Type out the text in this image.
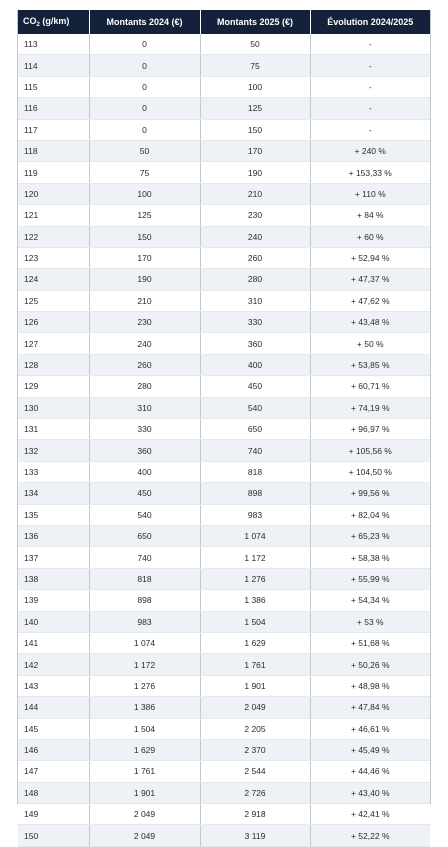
$CO_2$ (g/km)	Montants 2024 (€)	Montants 2025 (€)	Évolution 2024/2025
113	0	50	-
114	0	75	-
115	0	100	-
116	0	125	-
117	0	150	-
118	50	170	+ 240 %
119	75	190	+ 153,33 %
120	100	210	+ 110 %
121	125	230	+ 84 %
122	150	240	+ 60 %
123	170	260	+ 52,94 %
124	190	280	+ 47,37 %
125	210	310	+ 47,62 %
126	230	330	+ 43,48 %
127	240	360	+ 50 %
128	260	400	+ 53,85 %
129	280	450	+ 60,71 %
130	310	540	+ 74,19 %
131	330	650	+ 96,97 %
132	360	740	+ 105,56 %
133	400	818	+ 104,50 %
134	450	898	+ 99,56 %
135	540	983	+ 82,04 %
136	650	1 074	+ 65,23 %
137	740	1 172	+ 58,38 %
138	818	1 276	+ 55,99 %
139	898	1 386	+ 54,34 %
140	983	1 504	+ 53 %
141	1 074	1 629	+ 51,68 %
142	1 172	1 761	+ 50,26 %
143	1 276	1 901	+ 48,98 %
144	1 386	2 049	+ 47,84 %
145	1 504	2 205	+ 46,61 %
146	1 629	2 370	+ 45,49 %
147	1 761	2 544	+ 44,46 %
148	1 901	2 726	+ 43,40 %
149	2 049	2 918	+ 42,41 %
150	2 049	3 119	+ 52,22 %
